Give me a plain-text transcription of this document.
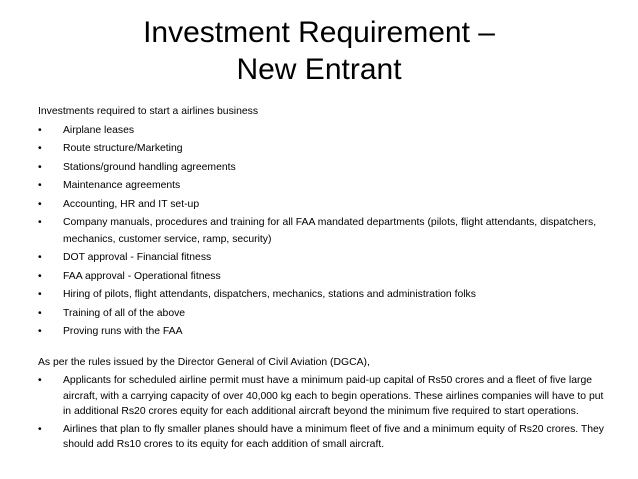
Investment Requirement –
New Entrant

Investments required to start a airlines business

• Airplane leases
• Route structure/Marketing
• Stations/ground handling agreements
• Maintenance agreements
• Accounting, HR and IT set-up
• Company manuals, procedures and training for all FAA mandated departments (pilots, flight attendants, dispatchers, mechanics, customer service, ramp, security)
• DOT approval - Financial fitness
• FAA approval - Operational fitness
• Hiring of pilots, flight attendants, dispatchers, mechanics, stations and administration folks
• Training of all of the above
• Proving runs with the FAA

As per the rules issued by the Director General of Civil Aviation (DGCA),

• Applicants for scheduled airline permit must have a minimum paid-up capital of Rs50 crores and a fleet of five large aircraft, with a carrying capacity of over 40,000 kg each to begin operations. These airlines companies will have to put in additional Rs20 crores equity for each additional aircraft beyond the minimum five required to start operations.
• Airlines that plan to fly smaller planes should have a minimum fleet of five and a minimum equity of Rs20 crores. They should add Rs10 crores to its equity for each addition of small aircraft.
